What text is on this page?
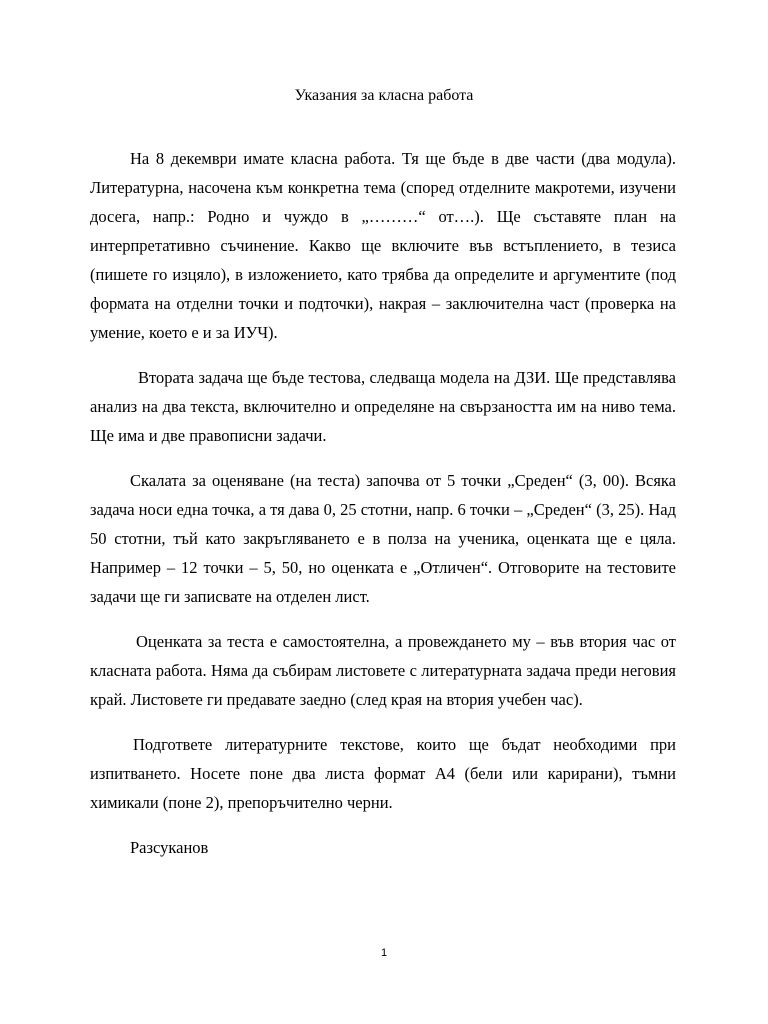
Указания за класна работа

На 8 декември имате класна работа. Тя ще бъде в две части (два модула). Литературна, насочена към конкретна тема (според отделните макротеми, изучени досега, напр.: Родно и чуждо в „………“ от….). Ще съставяте план на интерпретативно съчинение. Какво ще включите във встъплението, в тезиса (пишете го изцяло), в изложението, като трябва да определите и аргументите (под формата на отделни точки и подточки), накрая – заключителна част (проверка на умение, което е и за ИУЧ).

Втората задача ще бъде тестова, следваща модела на ДЗИ. Ще представлява анализ на два текста, включително и определяне на свързаността им на ниво тема. Ще има и две правописни задачи.

Скалата за оценяване (на теста) започва от 5 точки „Среден“ (3, 00). Всяка задача носи една точка, а тя дава 0, 25 стотни, напр. 6 точки – „Среден“ (3, 25). Над 50 стотни, тъй като закръгляването е в полза на ученика, оценката ще е цяла. Например – 12 точки – 5, 50, но оценката е „Отличен“. Отговорите на тестовите задачи ще ги записвате на отделен лист.

Оценката за теста е самостоятелна, а провеждането му – във втория час от класната работа. Няма да събирам листовете с литературната задача преди неговия край. Листовете ги предавате заедно (след края на втория учебен час).

Подгответе литературните текстове, които ще бъдат необходими при изпитването. Носете поне два листа формат А4 (бели или карирани), тъмни химикали (поне 2), препоръчително черни.

Разсуканов

1
